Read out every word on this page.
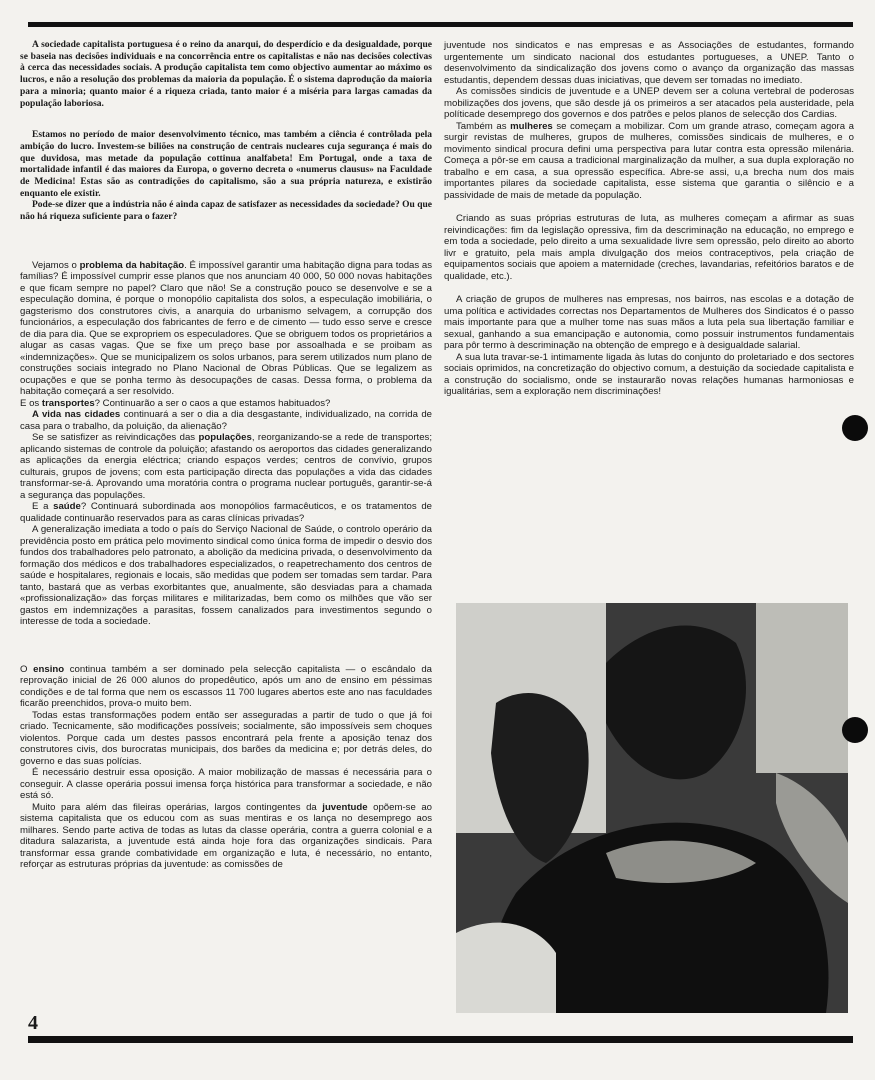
A sociedade capitalista portuguesa é o reino da anarqui, do desperdício e da desigualdade, porque se baseia nas decisões individuais e na concorrência entre os capitalistas e não nas decisões colectivas à cerca das necessidades sociais. A produção capitalista tem como objectivo aumentar ao máximo os lucros, e não a resolução dos problemas da maioria da população. É o sistema daprodução da maioria para a minoria; quanto maior é a riqueza criada, tanto maior é a miséria para largas camadas da população laboriosa.

Estamos no período de maior desenvolvimento técnico, mas também a ciência é contrôlada pela ambição do lucro. Investem-se biliões na construção de centrais nucleares cuja segurança é mais do que duvidosa, mas metade da população cottinua analfabeta! Em Portugal, onde a taxa de mortalidade infantil é das maiores da Europa, o governo decreta o «numerus clausus» na Faculdade de Medicina! Estas são as contradições do capitalismo, são a sua própria natureza, e existirão enquanto ele existir.

Pode-se dizer que a indústria não é ainda capaz de satisfazer as necessidades da sociedade? Ou que não há riqueza suficiente para o fazer?

Vejamos o problema da habitação. É impossível garantir uma habitação digna para todas as famílias? É impossível cumprir esse planos que nos anunciam 40 000, 50 000 novas habitações e que ficam sempre no papel? Claro que não! Se a construção pouco se desenvolve e se a especulação domina, é porque o monopólio capitalista dos solos, a especulação imobiliária, o gagsterismo dos construtores civis, a anarquia do urbanismo selvagem, a corrupção dos funcionários, a especulação dos fabricantes de ferro e de cimento — tudo esso serve e cresce de dia para dia. Que se expropriem os especuladores. Que se obriguem todos os proprietários a alugar as casas vagas. Que se fixe um preço base por assoalhada e se proibam as «indemnizações». Que se municipalizem os solos urbanos, para serem utilizados num plano de construções sociais integrado no Plano Nacional de Obras Públicas. Que se legalizem as ocupações e que se ponha termo às desocupações de casas. Dessa forma, o problema da habitação começará a ser resolvido.

E os transportes? Continuarão a ser o caos a que estamos habituados?

A vida nas cidades continuará a ser o dia a dia desgastante, individualizado, na corrida de casa para o trabalho, da poluição, da alienação?

Se se satisfizer as reivindicações das populações, reorganizando-se a rede de transportes; aplicando sistemas de controle da poluição; afastando os aeroportos das cidades generalizando as aplicações da energia eléctrica; criando espaços verdes; centros de convívio, grupos culturais, grupos de jovens; com esta participação directa das populações a vida das cidades transformar-se-á. Aprovando uma moratória contra o programa nuclear português, garantir-se-á a segurança das populações.

E a saúde? Continuará subordinada aos monopólios farmacêuticos, e os tratamentos de qualidade continuarão reservados para as caras clínicas privadas?

A generalização imediata a todo o país do Serviço Nacional de Saúde, o controlo operário da previdência posto em prática pelo movimento sindical como única forma de impedir o desvio dos fundos dos trabalhadores pelo patronato, a abolição da medicina privada, o desenvolvimento da formação dos médicos e dos trabalhadores especializados, o reapetrechamento dos centros de saúde e hospitalares, regionais e locais, são medidas que podem ser tomadas sem tardar. Para tanto, bastará que as verbas exorbitantes que, anualmente, são desviadas para a chamada «profissionalização» das forças militares e militarizadas, bem como os milhões que vão ser gastos em indemnizações a parasitas, fossem canalizados para investimentos segundo o interesse de toda a sociedade.

O ensino continua também a ser dominado pela selecção capitalista — o escândalo da reprovação inicial de 26 000 alunos do propedêutico, após um ano de ensino em péssimas condições e de tal forma que nem os escassos 11 700 lugares abertos este ano nas faculdades ficarão preenchidos, prova-o muito bem.

Todas estas transformações podem então ser asseguradas a partir de tudo o que já foi criado. Tecnicamente, são modificações possíveis; socialmente, são impossíveis sem choques violentos. Porque cada um destes passos encontrará pela frente a aposição tenaz dos construtores civis, dos burocratas municipais, dos barões da medicina e; por detrás deles, do governo e das suas polícias.

É necessário destruir essa oposição. A maior mobilização de massas é necessária para o conseguir. A classe operária possui imensa força histórica para transformar a sociedade, e não está só.

Muito para além das fileiras operárias, largos contingentes da juventude opõem-se ao sistema capitalista que os educou com as suas mentiras e os lança no desemprego aos milhares. Sendo parte activa de todas as lutas da classe operária, contra a guerra colonial e a ditadura salazarista, a juventude está ainda hoje fora das organizações sindicais. Para transformar essa grande combatividade em organização e luta, é necessário, no entanto, reforçar as estruturas próprias da juventude: as comissões de

juventude nos sindicatos e nas empresas e as Associações de estudantes, formando urgentemente um sindicato nacional dos estudantes portugueses, a UNEP. Tanto o desenvolvimento da sindicalização dos jovens como o avanço da organização das massas estudantis, dependem dessas duas iniciativas, que devem ser tomadas no imediato.

As comissões sindicis de juventude e a UNEP devem ser a coluna vertebral de poderosas mobilizações dos jovens, que são desde já os primeiros a ser atacados pela austeridade, pela políticade desemprego dos governos e dos patrões e pelos planos de selecção dos Cardias.

Também as mulheres se começam a mobilizar. Com um grande atraso, começam agora a surgir revistas de mulheres, grupos de mulheres, comissões sindicais de mulheres, e o movimento sindical procura defini uma perspectiva para lutar contra esta opressão milenária. Começa a pôr-se em causa a tradicional marginalização da mulher, a sua dupla exploração no trabalho e em casa, a sua opressão específica. Abre-se assi, u,a brecha num dos mais importantes pilares da sociedade capitalista, esse sistema que garantia o silêncio e a passividade de mais de metade da população.

Criando as suas próprias estruturas de luta, as mulheres começam a afirmar as suas reivindicações: fim da legislação opressiva, fim da descriminação na educação, no emprego e em toda a sociedade, pelo direito a uma sexualidade livre sem opressão, pelo direito ao aborto livr e gratuito, pela mais ampla divulgação dos meios contraceptivos, pela criação de equipamentos sociais que apoiem a maternidade (creches, lavandarias, refeitórios baratos e de qualidade, etc.).

A criação de grupos de mulheres nas empresas, nos bairros, nas escolas e a dotação de uma política e actividades correctas nos Departamentos de Mulheres dos Sindicatos é o passo mais importante para que a mulher tome nas suas mãos a luta pela sua libertação familiar e sexual, ganhando a sua emancipação e autonomia, como possuir instrumentos fundamentais para pôr termo à descriminação na obtenção de emprego e à desigualdade salarial.

A sua luta travar-se-1 intimamente ligada às lutas do conjunto do proletariado e dos sectores sociais oprimidos, na concretização do objectivo comum, a destuição da sociedade capitalista e a construção do socialismo, onde se instaurarão novas relações humanas harmoniosas e igualitárias, sem a exploração nem discriminações!

4
